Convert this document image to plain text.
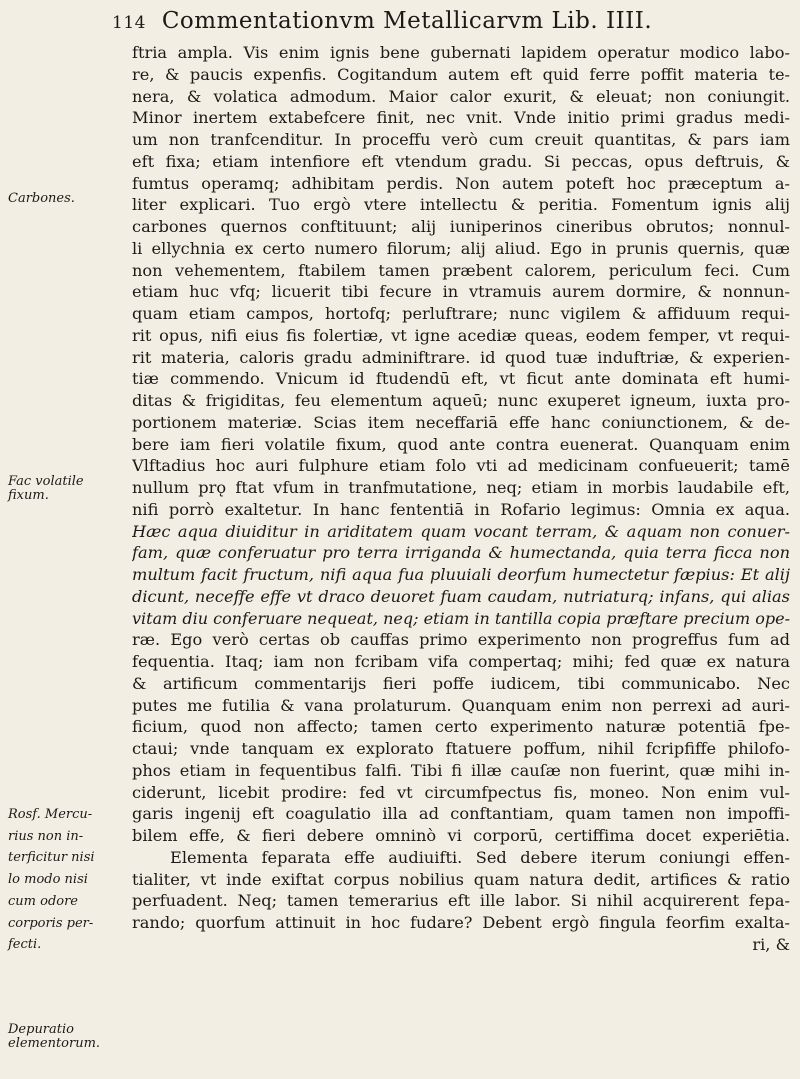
114 Commentationvm Metallicarvm Lib. IIII.
Carbones.
Fac volatile
fixum.
Rosf. Mercu-
rius non in-
terficitur nisi
lo modo nisi
cum odore
corporis per-
fecti.
Depuratio
elementorum.
ftria ampla. Vis enim ignis bene gubernati lapidem operatur modico labo-
re, & paucis expenfis. Cogitandum autem eft quid ferre poffit materia te-
nera, & volatica admodum. Maior calor exurit, & eleuat; non coniungit.
Minor inertem extabefcere finit, nec vnit. Vnde initio primi gradus medi-
um non tranfcenditur. In proceffu verò cum creuit quantitas, & pars iam
eft fixa; etiam intenfiore eft vtendum gradu. Si peccas, opus deftruis, &
fumtus operamq; adhibitam perdis. Non autem poteft hoc præceptum a-
liter explicari. Tuo ergò vtere intellectu & peritia. Fomentum ignis alij
carbones quernos conftituunt; alij iuniperinos cineribus obrutos; nonnul-
li ellychnia ex certo numero filorum; alij aliud. Ego in prunis quernis, quæ
non vehementem, ftabilem tamen præbent calorem, periculum feci. Cum
etiam huc vfq; licuerit tibi fecure in vtramuis aurem dormire, & nonnun-
quam etiam campos, hortofq; perluftrare; nunc vigilem & affiduum requi-
rit opus, nifi eius fis folertiæ, vt igne acediæ queas, eodem femper, vt requi-
rit materia, caloris gradu adminiftrare. id quod tuæ induftriæ, & experien-
tiæ commendo. Vnicum id ftudendū eft, vt ficut ante dominata eft humi-
ditas & frigiditas, feu elementum aqueū; nunc exuperet igneum, iuxta pro-
portionem materiæ. Scias item neceffariā effe hanc coniunctionem, & de-
bere iam fieri volatile fixum, quod ante contra euenerat. Quanquam enim
Vlftadius hoc auri fulphure etiam folo vti ad medicinam confueuerit; tamē
nullum prǫ ftat vfum in tranfmutatione, neq; etiam in morbis laudabile eft,
nifi porrò exaltetur. In hanc fententiā in Rofario legimus: Omnia ex aqua.
Hæc aqua diuiditur in ariditatem quam vocant terram, & aquam non conuer-
fam, quæ conferuatur pro terra irriganda & humectanda, quia terra ficca non
multum facit fructum, nifi aqua fua pluuiali deorfum humectetur fæpius: Et alij
dicunt, neceffe effe vt draco deuoret fuam caudam, nutriaturq; infans, qui alias
vitam diu conferuare nequeat, neq; etiam in tantilla copia præftare precium ope-
ræ. Ego verò certas ob cauffas primo experimento non progreffus fum ad
fequentia. Itaq; iam non fcribam vifa compertaq; mihi; fed quæ ex natura
& artificum commentarijs fieri poffe iudicem, tibi communicabo. Nec
putes me futilia & vana prolaturum. Quanquam enim non perrexi ad auri-
ficium, quod non affecto; tamen certo experimento naturæ potentiā fpe-
ctaui; vnde tanquam ex explorato ftatuere poffum, nihil fcripfiffe philofo-
phos etiam in fequentibus falfi. Tibi fi illæ cauſæ non fuerint, quæ mihi in-
ciderunt, licebit prodire: fed vt circumfpectus fis, moneo. Non enim vul-
garis ingenij eft coagulatio illa ad conftantiam, quam tamen non impoffi-
bilem effe, & fieri debere omninò vi corporū, certiffima docet experiētia.
Elementa feparata effe audiuifti. Sed debere iterum coniungi effen-
tialiter, vt inde exiftat corpus nobilius quam natura dedit, artifices & ratio
perfuadent. Neq; tamen temerarius eft ille labor. Si nihil acquirerent fepa-
rando; quorfum attinuit in hoc fudare? Debent ergò fingula feorfim exalta-
ri, &
